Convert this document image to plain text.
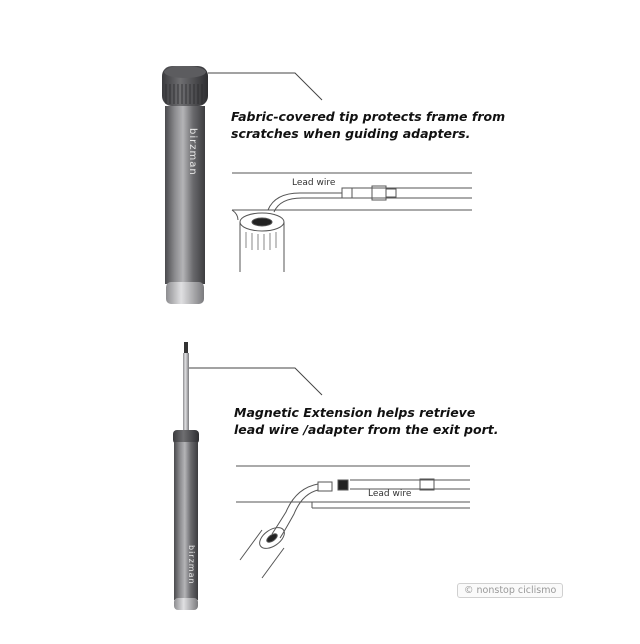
birzman
birzman
Fabric-covered tip protects frame from
scratches when guiding adapters.
Lead wire
Magnetic Extension helps retrieve
lead wire /adapter from the exit port.
Lead wire
© nonstop ciclismo
